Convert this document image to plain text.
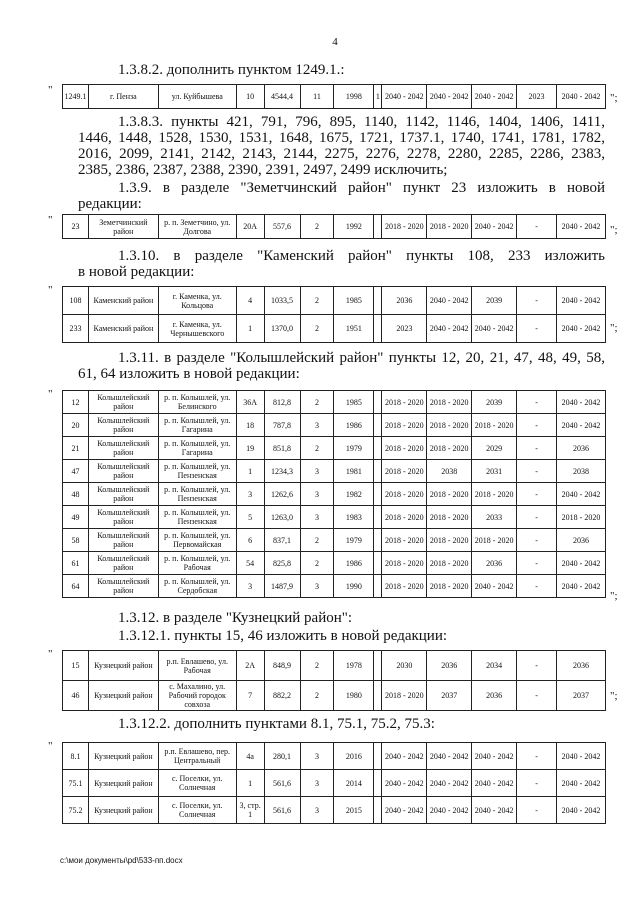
4
1.3.8.2. дополнить пунктом 1249.1.:
"
1249.1	г. Пенза	ул. Куйбышева	10	4544,4	11	1998	1	2040 - 2042	2040 - 2042	2040 - 2042	2023	2040 - 2042 ";
1.3.8.3. пункты 421, 791, 796, 895, 1140, 1142, 1146, 1404, 1406, 1411,
1446, 1448, 1528, 1530, 1531, 1648, 1675, 1721, 1737.1, 1740, 1741, 1781, 1782,
2016, 2099, 2141, 2142, 2143, 2144, 2275, 2276, 2278, 2280, 2285, 2286, 2383,
2385, 2386, 2387, 2388, 2390, 2391, 2497, 2499 исключить;
1.3.9. в разделе "Земетчинский район" пункт 23 изложить в новой
редакции:
"
23	Земетчинский район	р. п. Земетчино, ул. Долгова	20А	557,6	2	1992		2018 - 2020	2018 - 2020	2040 - 2042	-	2040 - 2042 ";
1.3.10. в разделе "Каменский район" пункты 108, 233 изложить
в новой редакции:
"
108	Каменский район	г. Каменка, ул. Кольцова	4	1033,5	2	1985		2036	2040 - 2042	2039	-	2040 - 2042
233	Каменский район	г. Каменка, ул. Чернышевского	1	1370,0	2	1951		2023	2040 - 2042	2040 - 2042	-	2040 - 2042 ";
1.3.11. в разделе "Колышлейский район" пункты 12, 20, 21, 47, 48, 49, 58,
61, 64 изложить в новой редакции:
"
12	Колышлейский район	р. п. Колышлей, ул. Белинского	36А	812,8	2	1985		2018 - 2020	2018 - 2020	2039	-	2040 - 2042
20	Колышлейский район	р. п. Колышлей, ул. Гагарина	18	787,8	3	1986		2018 - 2020	2018 - 2020	2018 - 2020	-	2040 - 2042
21	Колышлейский район	р. п. Колышлей, ул. Гагарина	19	851,8	2	1979		2018 - 2020	2018 - 2020	2029	-	2036
47	Колышлейский район	р. п. Колышлей, ул. Пензенская	1	1234,3	3	1981		2018 - 2020	2038	2031	-	2038
48	Колышлейский район	р. п. Колышлей, ул. Пензенская	3	1262,6	3	1982		2018 - 2020	2018 - 2020	2018 - 2020	-	2040 - 2042
49	Колышлейский район	р. п. Колышлей, ул. Пензенская	5	1263,0	3	1983		2018 - 2020	2018 - 2020	2033	-	2018 - 2020
58	Колышлейский район	р. п. Колышлей, ул. Первомайская	6	837,1	2	1979		2018 - 2020	2018 - 2020	2018 - 2020	-	2036
61	Колышлейский район	р. п. Колышлей, ул. Рабочая	54	825,8	2	1986		2018 - 2020	2018 - 2020	2036	-	2040 - 2042
64	Колышлейский район	р. п. Колышлей, ул. Сердобская	3	1487,9	3	1990		2018 - 2020	2018 - 2020	2040 - 2042	-	2040 - 2042
";
1.3.12. в разделе "Кузнецкий район":
1.3.12.1. пункты 15, 46 изложить в новой редакции:
"
15	Кузнецкий район	р.п. Евлашево, ул. Рабочая	2А	848,9	2	1978		2030	2036	2034	-	2036
46	Кузнецкий район	с. Махалино, ул. Рабочий городок совхоза	7	882,2	2	1980		2018 - 2020	2037	2036	-	2037 ";
1.3.12.2. дополнить пунктами 8.1, 75.1, 75.2, 75.3:
"
8.1	Кузнецкий район	р.п. Евлашево, пер. Центральный	4а	280,1	3	2016		2040 - 2042	2040 - 2042	2040 - 2042	-	2040 - 2042
75.1	Кузнецкий район	с. Поселки, ул. Солнечная	1	561,6	3	2014		2040 - 2042	2040 - 2042	2040 - 2042	-	2040 - 2042
75.2	Кузнецкий район	с. Поселки, ул. Солнечная	3, стр. 1	561,6	3	2015		2040 - 2042	2040 - 2042	2040 - 2042	-	2040 - 2042
c:\мои документы\pd\533-пп.docx
